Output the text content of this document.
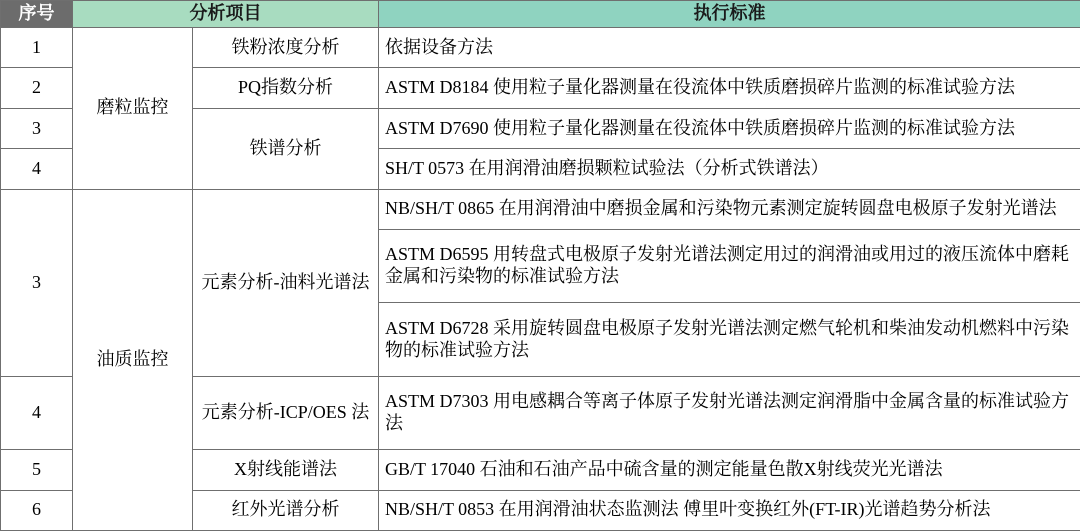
序号	分析项目		执行标准
1	磨粒监控	铁粉浓度分析	依据设备方法
2		PQ指数分析	ASTM D8184 使用粒子量化器测量在役流体中铁质磨损碎片监测的标准试验方法
3		铁谱分析	ASTM D7690 使用粒子量化器测量在役流体中铁质磨损碎片监测的标准试验方法
4			SH/T 0573 在用润滑油磨损颗粒试验法（分析式铁谱法）
3	油质监控	元素分析-油料光谱法	NB/SH/T 0865 在用润滑油中磨损金属和污染物元素测定旋转圆盘电极原子发射光谱法
			ASTM D6595 用转盘式电极原子发射光谱法测定用过的润滑油或用过的液压流体中磨耗金属和污染物的标准试验方法
			ASTM D6728 采用旋转圆盘电极原子发射光谱法测定燃气轮机和柴油发动机燃料中污染物的标准试验方法
4		元素分析-ICP/OES 法	ASTM D7303 用电感耦合等离子体原子发射光谱法测定润滑脂中金属含量的标准试验方法
5		X射线能谱法	GB/T 17040 石油和石油产品中硫含量的测定能量色散X射线荧光光谱法
6		红外光谱分析	NB/SH/T 0853 在用润滑油状态监测法 傅里叶变换红外(FT-IR)光谱趋势分析法
